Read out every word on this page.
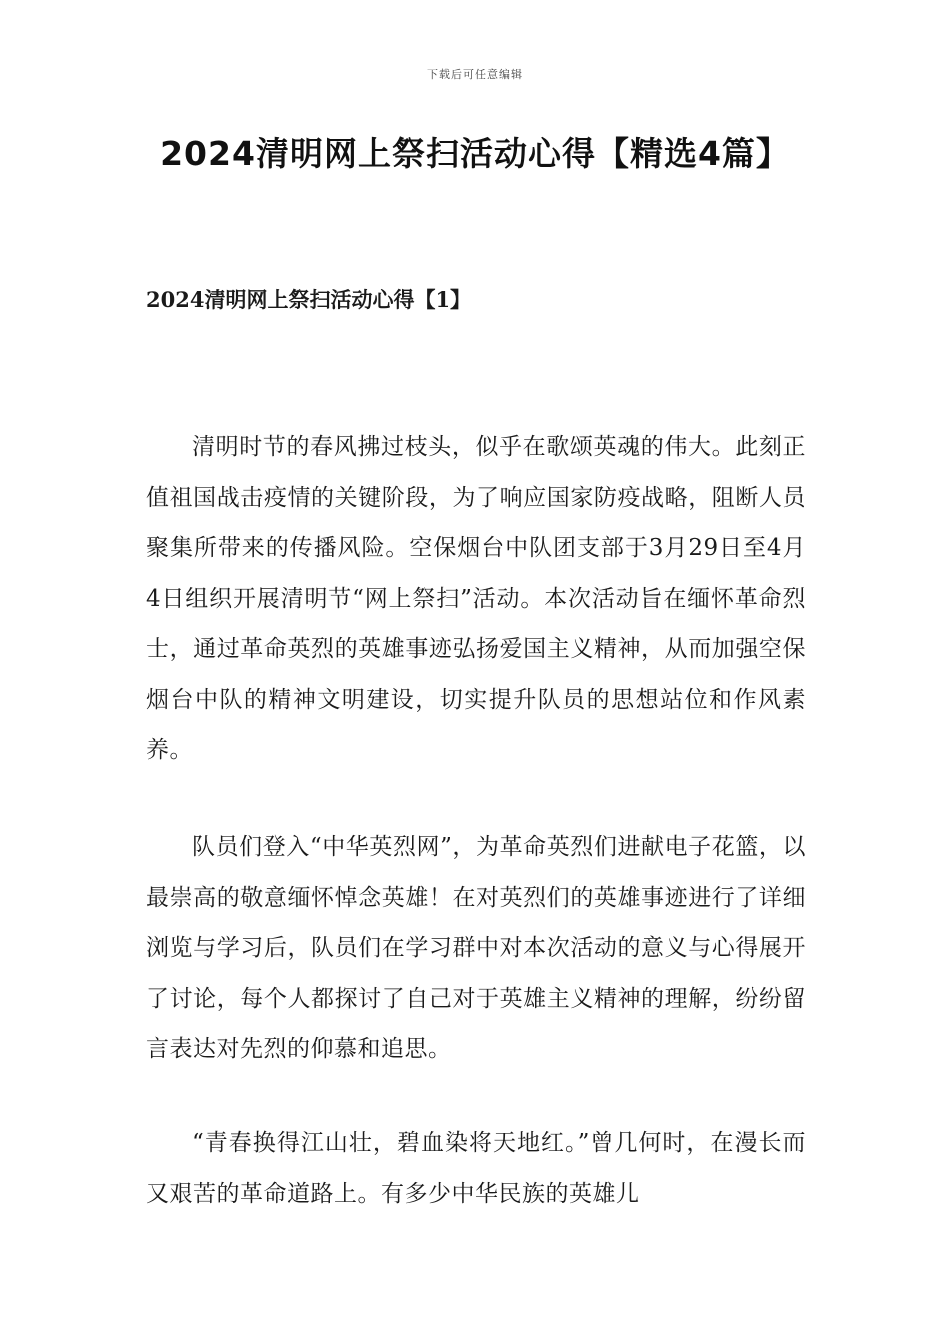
下载后可任意编辑
2024清明网上祭扫活动心得【精选4篇】
2024清明网上祭扫活动心得【1】

清明时节的春风拂过枝头，似乎在歌颂英魂的伟大。此刻正值祖国战击疫情的关键阶段，为了响应国家防疫战略，阻断人员聚集所带来的传播风险。空保烟台中队团支部于3月29日至4月4日组织开展清明节“网上祭扫”活动。本次活动旨在缅怀革命烈士，通过革命英烈的英雄事迹弘扬爱国主义精神，从而加强空保烟台中队的精神文明建设，切实提升队员的思想站位和作风素养。

队员们登入“中华英烈网”，为革命英烈们进献电子花篮，以最崇高的敬意缅怀悼念英雄！在对英烈们的英雄事迹进行了详细浏览与学习后，队员们在学习群中对本次活动的意义与心得展开了讨论，每个人都探讨了自己对于英雄主义精神的理解，纷纷留言表达对先烈的仰慕和追思。

“青春换得江山壮，碧血染将天地红。”曾几何时，在漫长而又艰苦的革命道路上。有多少中华民族的英雄儿
